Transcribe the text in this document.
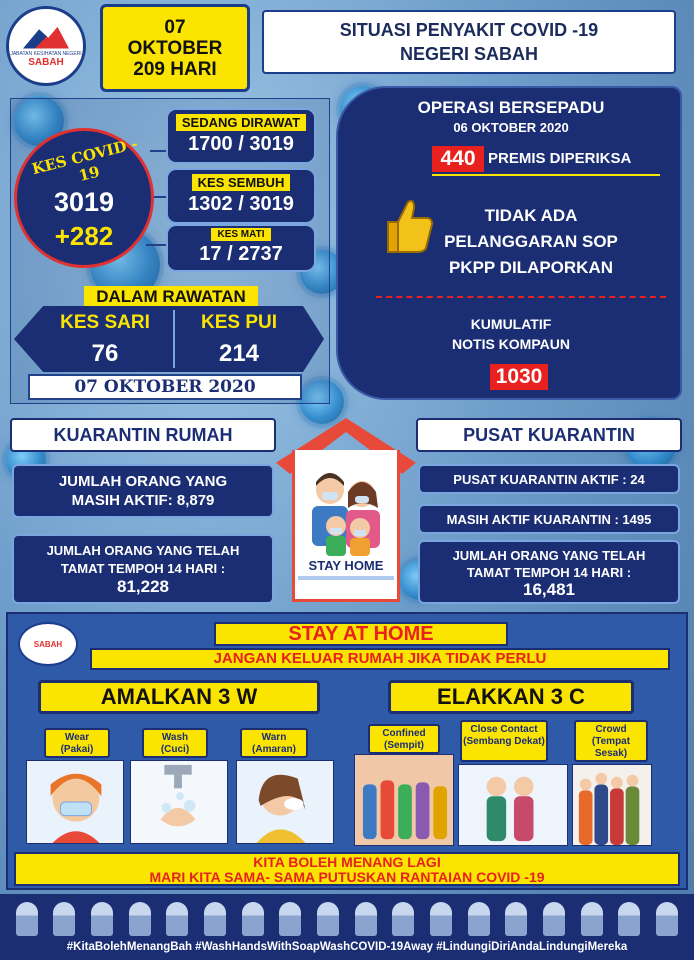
JABATAN KESIHATAN NEGERI
SABAH
07
OKTOBER
209 HARI
SITUASI PENYAKIT COVID -19
NEGERI SABAH
KES COVID - 19
3019
+282
SEDANG DIRAWAT
1700 / 3019
KES SEMBUH
1302 / 3019
KES MATI
17 / 2737
DALAM RAWATAN
KES SARI
76
KES PUI
214
07 OKTOBER 2020
OPERASI BERSEPADU
06 OKTOBER 2020
TIDAK ADA
PELANGGARAN SOP
PKPP DILAPORKAN
KUMULATIF
NOTIS KOMPAUN
440 PREMIS DIPERIKSA
1030
KUARANTIN RUMAH
JUMLAH ORANG YANG
MASIH AKTIF: 8,879
JUMLAH ORANG YANG TELAH
TAMAT TEMPOH 14 HARI :
81,228
STAY HOME
PUSAT KUARANTIN
PUSAT KUARANTIN AKTIF : 24
MASIH AKTIF KUARANTIN : 1495
JUMLAH ORANG YANG TELAH
TAMAT TEMPOH 14 HARI :
16,481
SABAH	STAY AT HOME
JANGAN KELUAR RUMAH JIKA TIDAK PERLU
AMALKAN 3 W	ELAKKAN 3 C
Wear
(Pakai)
Wash
(Cuci)
Warn
(Amaran)
Confined
(Sempit)
Close Contact
(Sembang Dekat)
Crowd
(Tempat Sesak)
KITA BOLEH MENANG LAGI
MARI KITA SAMA- SAMA PUTUSKAN RANTAIAN COVID -19
#KitaBolehMenangBah #WashHandsWithSoapWashCOVID-19Away #LindungiDiriAndaLindungiMereka
